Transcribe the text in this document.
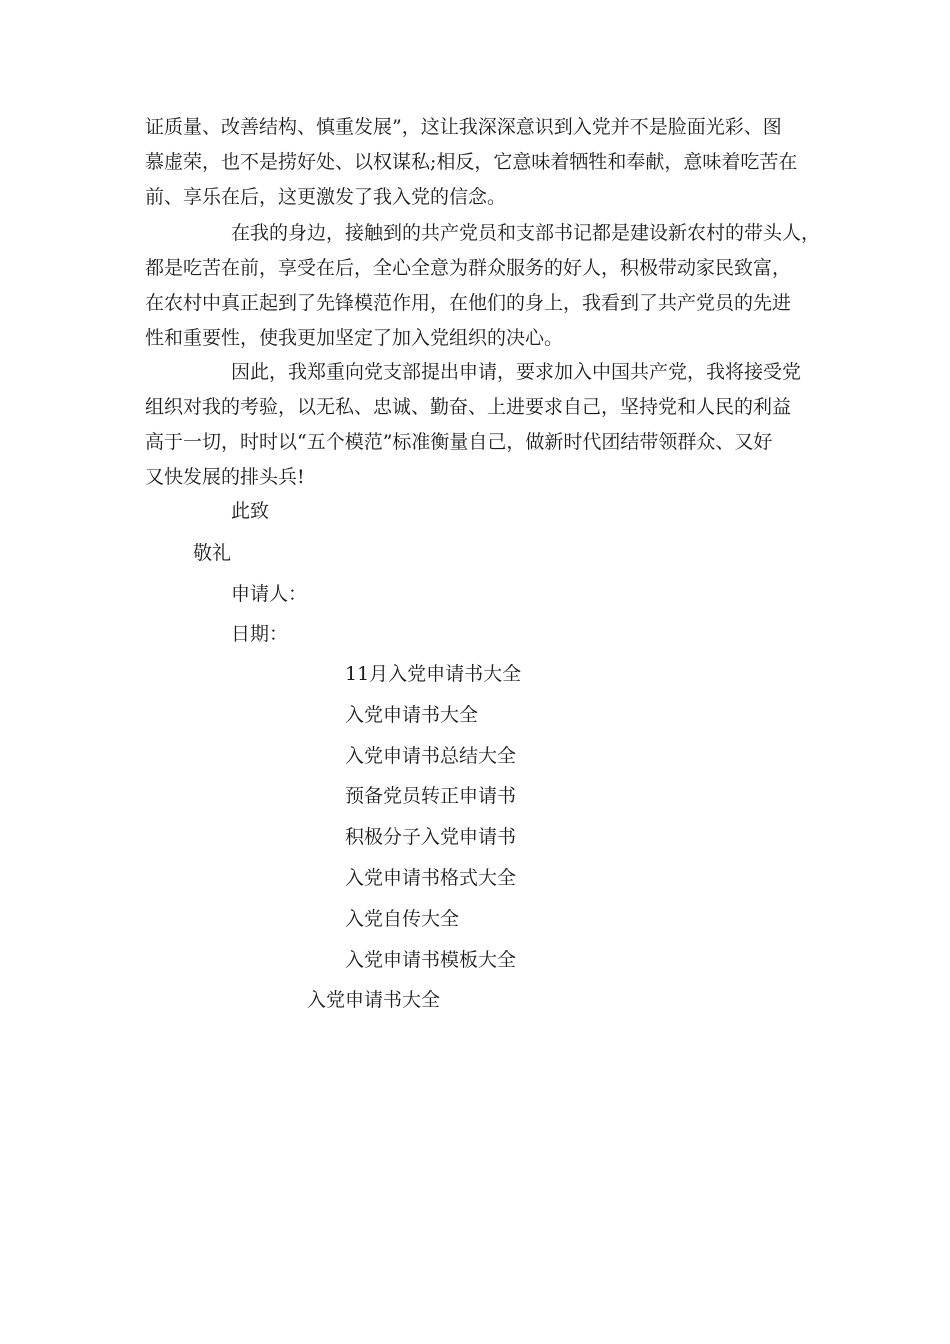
证质量、改善结构、慎重发展”，这让我深深意识到入党并不是脸面光彩、图
慕虚荣，也不是捞好处、以权谋私;相反，它意味着牺牲和奉献，意味着吃苦在
前、享乐在后，这更激发了我入党的信念。
在我的身边，接触到的共产党员和支部书记都是建设新农村的带头人，
都是吃苦在前，享受在后，全心全意为群众服务的好人，积极带动家民致富，
在农村中真正起到了先锋模范作用，在他们的身上，我看到了共产党员的先进
性和重要性，使我更加坚定了加入党组织的决心。
因此，我郑重向党支部提出申请，要求加入中国共产党，我将接受党
组织对我的考验，以无私、忠诚、勤奋、上进要求自己，坚持党和人民的利益
高于一切，时时以“五个模范”标准衡量自己，做新时代团结带领群众、又好
又快发展的排头兵!

此致

敬礼

申请人：

日期：

11月入党申请书大全
入党申请书大全
入党申请书总结大全
预备党员转正申请书
积极分子入党申请书
入党申请书格式大全
入党自传大全
入党申请书模板大全

入党申请书大全
